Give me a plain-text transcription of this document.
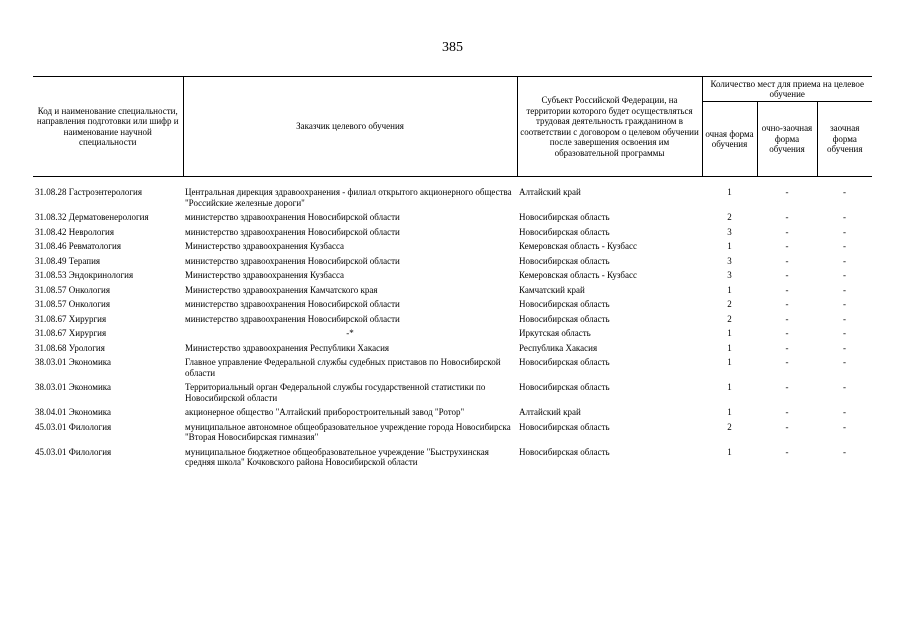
385
Код и наименование специальности, направления подготовки или шифр и наименование научной специальности	Заказчик целевого обучения	Субъект Российской Федерации, на территории которого будет осуществляться трудовая деятельность гражданином в соответствии с договором о целевом обучении после завершения освоения им образовательной программы	Количество мест для приема на целевое обучение		
			очная форма обучения	очно-заочная форма обучения	заочная форма обучения
31.08.28 Гастроэнтерология	Центральная дирекция здравоохранения - филиал открытого акционерного общества "Российские железные дороги"	Алтайский край	1	-	-
31.08.32 Дерматовенерология	министерство здравоохранения Новосибирской области	Новосибирская область	2	-	-
31.08.42 Неврология	министерство здравоохранения Новосибирской области	Новосибирская область	3	-	-
31.08.46 Ревматология	Министерство здравоохранения Кузбасса	Кемеровская область - Кузбасс	1	-	-
31.08.49 Терапия	министерство здравоохранения Новосибирской области	Новосибирская область	3	-	-
31.08.53 Эндокринология	Министерство здравоохранения Кузбасса	Кемеровская область - Кузбасс	3	-	-
31.08.57 Онкология	Министерство здравоохранения Камчатского края	Камчатский край	1	-	-
31.08.57 Онкология	министерство здравоохранения Новосибирской области	Новосибирская область	2	-	-
31.08.67 Хирургия	министерство здравоохранения Новосибирской области	Новосибирская область	2	-	-
31.08.67 Хирургия	-*	Иркутская область	1	-	-
31.08.68 Урология	Министерство здравоохранения Республики Хакасия	Республика Хакасия	1	-	-
38.03.01 Экономика	Главное управление Федеральной службы судебных приставов по Новосибирской области	Новосибирская область	1	-	-
38.03.01 Экономика	Территориальный орган Федеральной службы государственной статистики по Новосибирской области	Новосибирская область	1	-	-
38.04.01 Экономика	акционерное общество "Алтайский приборостроительный завод "Ротор"	Алтайский край	1	-	-
45.03.01 Филология	муниципальное автономное общеобразовательное учреждение города Новосибирска "Вторая Новосибирская гимназия"	Новосибирская область	2	-	-
45.03.01 Филология	муниципальное бюджетное общеобразовательное учреждение "Быструхинская средняя школа" Кочковского района Новосибирской области	Новосибирская область	1	-	-
